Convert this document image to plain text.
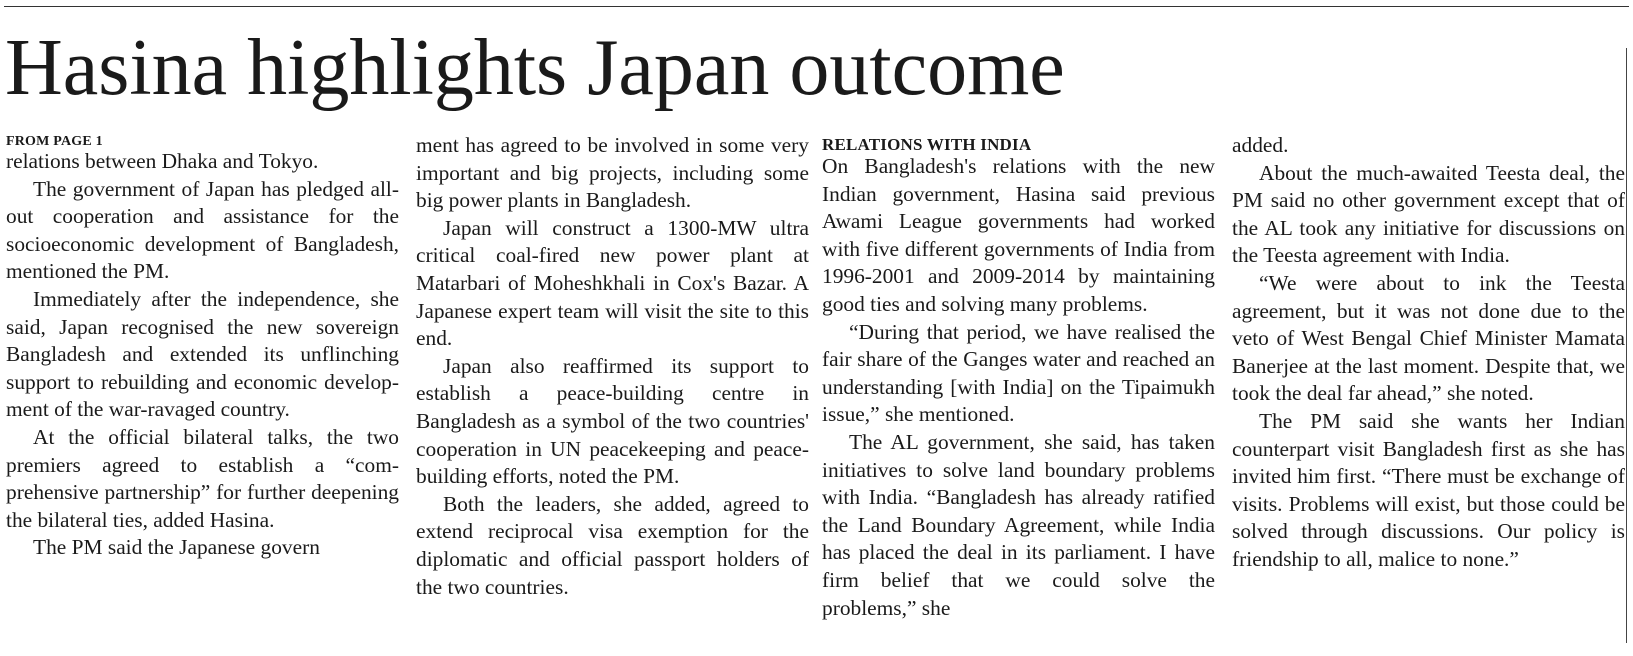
Hasina highlights Japan outcome
FROM PAGE 1

relations between Dhaka and Tokyo.

The government of Japan has pledged all-out cooperation and assistance for the socioeconomic development of Bangladesh, mentioned the PM.

Immediately after the independence, she said, Japan recognised the new sovereign Bangladesh and extended its unflinching support to rebuilding and economic development of the war-ravaged country.

At the official bilateral talks, the two premiers agreed to establish a “comprehensive partnership” for further deepening the bilateral ties, added Hasina.

The PM said the Japanese govern

ment has agreed to be involved in some very important and big projects, including some big power plants in Bangladesh.

Japan will construct a 1300-MW ultra critical coal-fired new power plant at Matarbari of Moheshkhali in Cox's Bazar. A Japanese expert team will visit the site to this end.

Japan also reaffirmed its support to establish a peace-building centre in Bangladesh as a symbol of the two countries' cooperation in UN peacekeeping and peace-building efforts, noted the PM.

Both the leaders, she added, agreed to extend reciprocal visa exemption for the diplomatic and official passport holders of the two countries.

RELATIONS WITH INDIA

On Bangladesh's relations with the new Indian government, Hasina said previous Awami League governments had worked with five different governments of India from 1996-2001 and 2009-2014 by maintaining good ties and solving many problems.

“During that period, we have realised the fair share of the Ganges water and reached an understanding [with India] on the Tipaimukh issue,” she mentioned.

The AL government, she said, has taken initiatives to solve land boundary problems with India. “Bangladesh has already ratified the Land Boundary Agreement, while India has placed the deal in its parliament. I have firm belief that we could solve the problems,” she

added.

About the much-awaited Teesta deal, the PM said no other government except that of the AL took any initiative for discussions on the Teesta agreement with India.

“We were about to ink the Teesta agreement, but it was not done due to the veto of West Bengal Chief Minister Mamata Banerjee at the last moment. Despite that, we took the deal far ahead,” she noted.

The PM said she wants her Indian counterpart visit Bangladesh first as she has invited him first. “There must be exchange of visits. Problems will exist, but those could be solved through discussions. Our policy is friendship to all, malice to none.”
